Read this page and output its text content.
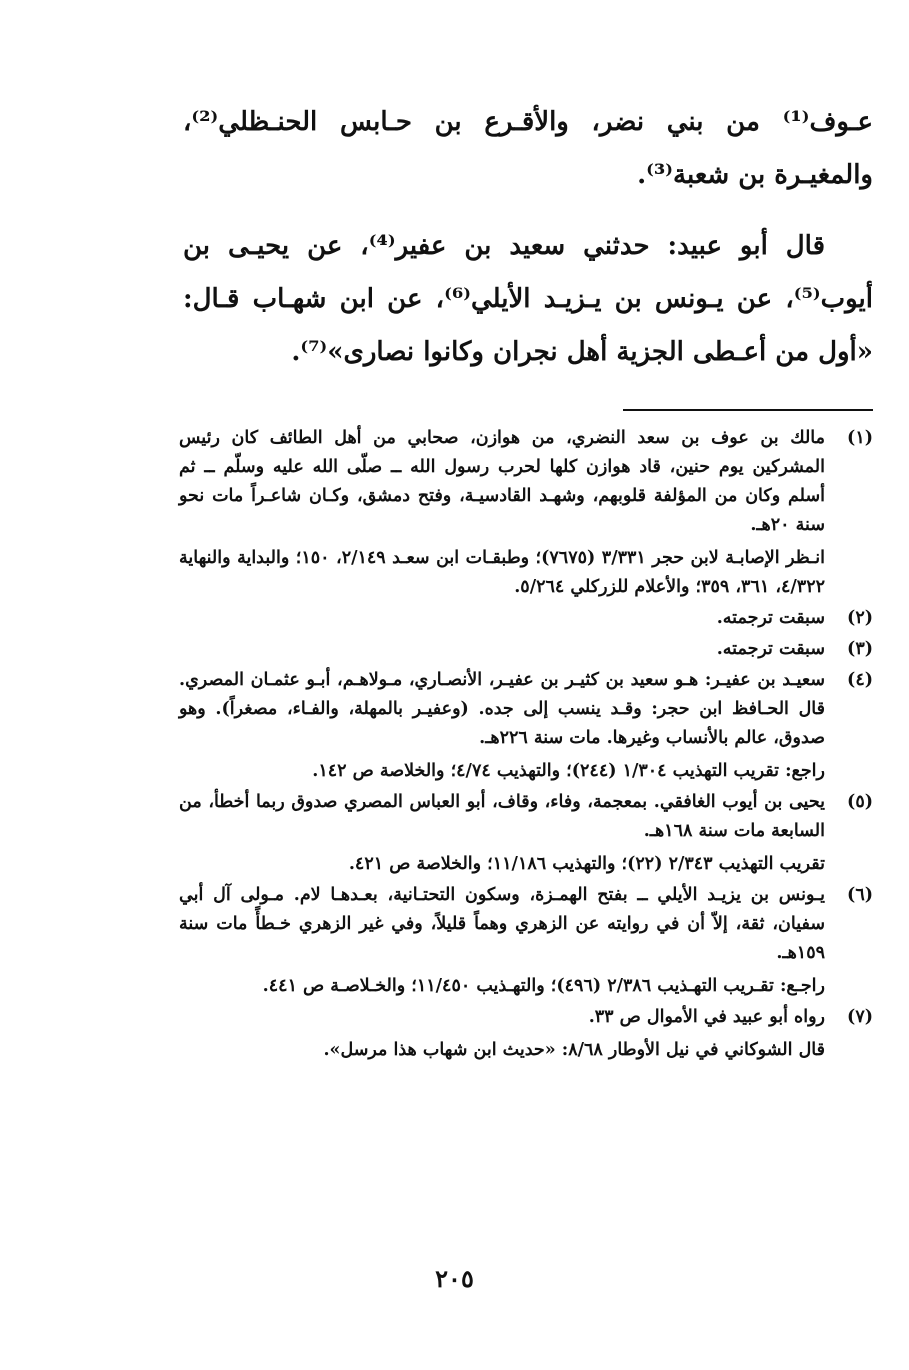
عـوف⁽¹⁾ من بني نضر، والأقـرع بن حـابس الحنـظلي⁽²⁾، والمغيـرة بن شعبة⁽³⁾.

قال أبو عبيد: حدثني سعيد بن عفير⁽⁴⁾، عن يحيـى بن أيوب⁽⁵⁾، عن يـونس بن يـزيـد الأيلي⁽⁶⁾، عن ابن شهـاب قـال: «أول من أعـطى الجزية أهل نجران وكانوا نصارى»⁽⁷⁾.

(١)

مالك بن عوف بن سعد النضري، من هوازن، صحابي من أهل الطائف كان رئيس المشركين يوم حنين، قاد هوازن كلها لحرب رسول الله ــ صلّى الله عليه وسلّم ــ ثم أسلم وكان من المؤلفة قلوبهم، وشهـد القادسيـة، وفتح دمشق، وكـان شاعـراً مات نحو سنة ٢٠هـ.

انـظر الإصابـة لابن حجر ٣/٣٣١ (٧٦٧٥)؛ وطبقـات ابن سعـد ٢/١٤٩، ١٥٠؛ والبداية والنهاية ٤/٣٢٢، ٣٦١، ٣٥٩؛ والأعلام للزركلي ٥/٢٦٤.

(٢)

سبقت ترجمته.

(٣)

سبقت ترجمته.

(٤)

سعيـد بن عفيـر: هـو سعيد بن كثيـر بن عفيـر، الأنصـاري، مـولاهـم، أبـو عثمـان المصري. قال الحـافظ ابن حجر: وقـد ينسب إلى جده. (وعفيـر بالمهلة، والفـاء، مصغراً). وهو صدوق، عالم بالأنساب وغيرها. مات سنة ٢٢٦هـ.

راجع: تقريب التهذيب ١/٣٠٤ (٢٤٤)؛ والتهذيب ٤/٧٤؛ والخلاصة ص ١٤٢.

(٥)

يحيى بن أيوب الغافقي. بمعجمة، وفاء، وقاف، أبو العباس المصري صدوق ربما أخطأ، من السابعة مات سنة ١٦٨هـ.

تقريب التهذيب ٢/٣٤٣ (٢٢)؛ والتهذيب ١١/١٨٦؛ والخلاصة ص ٤٢١.

(٦)

يـونس بن يزيـد الأيلي ــ بفتح الهمـزة، وسكون التحتـانية، بعـدهـا لام. مـولى آل أبي سفيان، ثقة، إلاّ أن في روايته عن الزهري وهماً قليلاً، وفي غير الزهري خـطأً مات سنة ١٥٩هـ.

راجـع: تقـريب التهـذيب ٢/٣٨٦ (٤٩٦)؛ والتهـذيب ١١/٤٥٠؛ والخـلاصـة ص ٤٤١.

(٧)

رواه أبو عبيد في الأموال ص ٣٣.

قال الشوكاني في نيل الأوطار ٨/٦٨: «حديث ابن شهاب هذا مرسل».

٢٠٥
